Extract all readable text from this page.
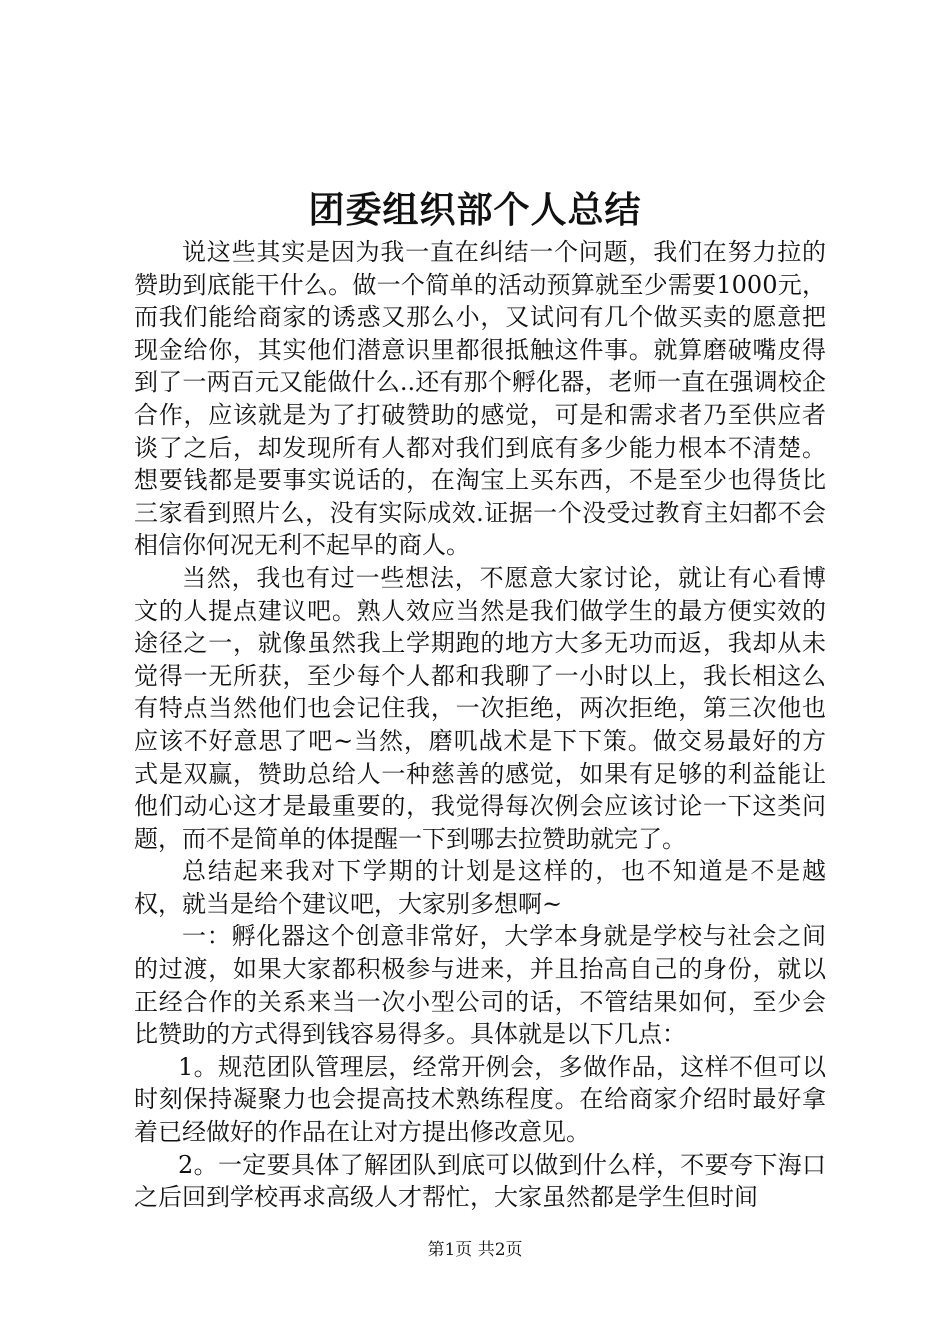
团委组织部个人总结

说这些其实是因为我一直在纠结一个问题，我们在努力拉的赞助到底能干什么。做一个简单的活动预算就至少需要1000元，而我们能给商家的诱惑又那么小，又试问有几个做买卖的愿意把现金给你，其实他们潜意识里都很抵触这件事。就算磨破嘴皮得到了一两百元又能做什么..还有那个孵化器，老师一直在强调校企合作，应该就是为了打破赞助的感觉，可是和需求者乃至供应者谈了之后，却发现所有人都对我们到底有多少能力根本不清楚。想要钱都是要事实说话的，在淘宝上买东西，不是至少也得货比三家看到照片么，没有实际成效.证据一个没受过教育主妇都不会相信你何况无利不起早的商人。

当然，我也有过一些想法，不愿意大家讨论，就让有心看博文的人提点建议吧。熟人效应当然是我们做学生的最方便实效的途径之一，就像虽然我上学期跑的地方大多无功而返，我却从未觉得一无所获，至少每个人都和我聊了一小时以上，我长相这么有特点当然他们也会记住我，一次拒绝，两次拒绝，第三次他也应该不好意思了吧~当然，磨叽战术是下下策。做交易最好的方式是双赢，赞助总给人一种慈善的感觉，如果有足够的利益能让他们动心这才是最重要的，我觉得每次例会应该讨论一下这类问题，而不是简单的体提醒一下到哪去拉赞助就完了。

总结起来我对下学期的计划是这样的，也不知道是不是越权，就当是给个建议吧，大家别多想啊~

一：孵化器这个创意非常好，大学本身就是学校与社会之间的过渡，如果大家都积极参与进来，并且抬高自己的身份，就以正经合作的关系来当一次小型公司的话，不管结果如何，至少会比赞助的方式得到钱容易得多。具体就是以下几点：

1。规范团队管理层，经常开例会，多做作品，这样不但可以时刻保持凝聚力也会提高技术熟练程度。在给商家介绍时最好拿着已经做好的作品在让对方提出修改意见。

2。一定要具体了解团队到底可以做到什么样，不要夸下海口之后回到学校再求高级人才帮忙，大家虽然都是学生但时间

第1页 共2页
